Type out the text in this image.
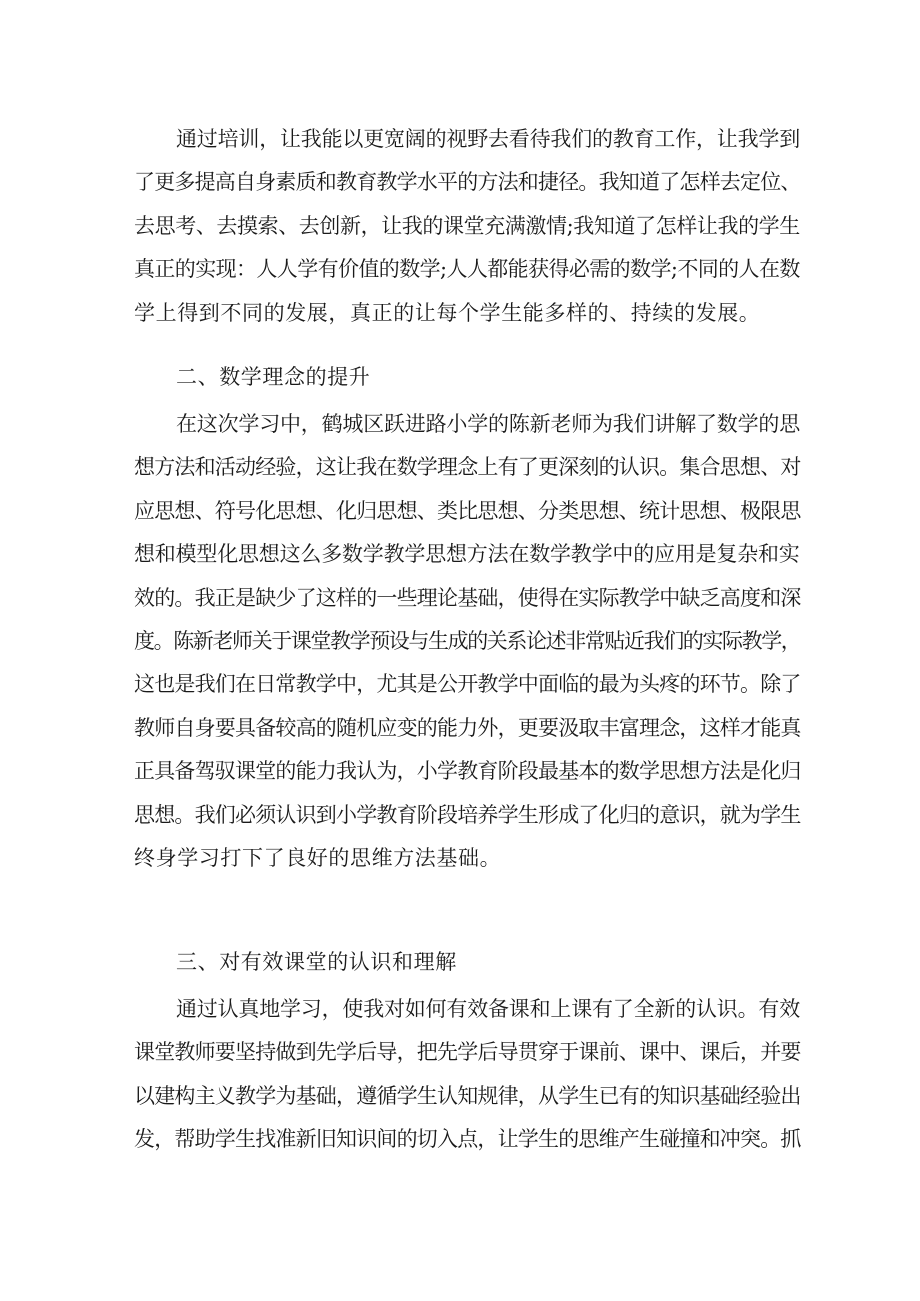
通过培训，让我能以更宽阔的视野去看待我们的教育工作，让我学到
了更多提高自身素质和教育教学水平的方法和捷径。我知道了怎样去定位、
去思考、去摸索、去创新，让我的课堂充满激情;我知道了怎样让我的学生
真正的实现：人人学有价值的数学;人人都能获得必需的数学;不同的人在数
学上得到不同的发展，真正的让每个学生能多样的、持续的发展。
二、数学理念的提升
在这次学习中，鹤城区跃进路小学的陈新老师为我们讲解了数学的思
想方法和活动经验，这让我在数学理念上有了更深刻的认识。集合思想、对
应思想、符号化思想、化归思想、类比思想、分类思想、统计思想、极限思
想和模型化思想这么多数学教学思想方法在数学教学中的应用是复杂和实
效的。我正是缺少了这样的一些理论基础，使得在实际教学中缺乏高度和深
度。陈新老师关于课堂教学预设与生成的关系论述非常贴近我们的实际教学，
这也是我们在日常教学中，尤其是公开教学中面临的最为头疼的环节。除了
教师自身要具备较高的随机应变的能力外，更要汲取丰富理念，这样才能真
正具备驾驭课堂的能力我认为，小学教育阶段最基本的数学思想方法是化归
思想。我们必须认识到小学教育阶段培养学生形成了化归的意识，就为学生
终身学习打下了良好的思维方法基础。
三、对有效课堂的认识和理解
通过认真地学习，使我对如何有效备课和上课有了全新的认识。有效
课堂教师要坚持做到先学后导，把先学后导贯穿于课前、课中、课后，并要
以建构主义教学为基础，遵循学生认知规律，从学生已有的知识基础经验出
发，帮助学生找准新旧知识间的切入点，让学生的思维产生碰撞和冲突。抓
